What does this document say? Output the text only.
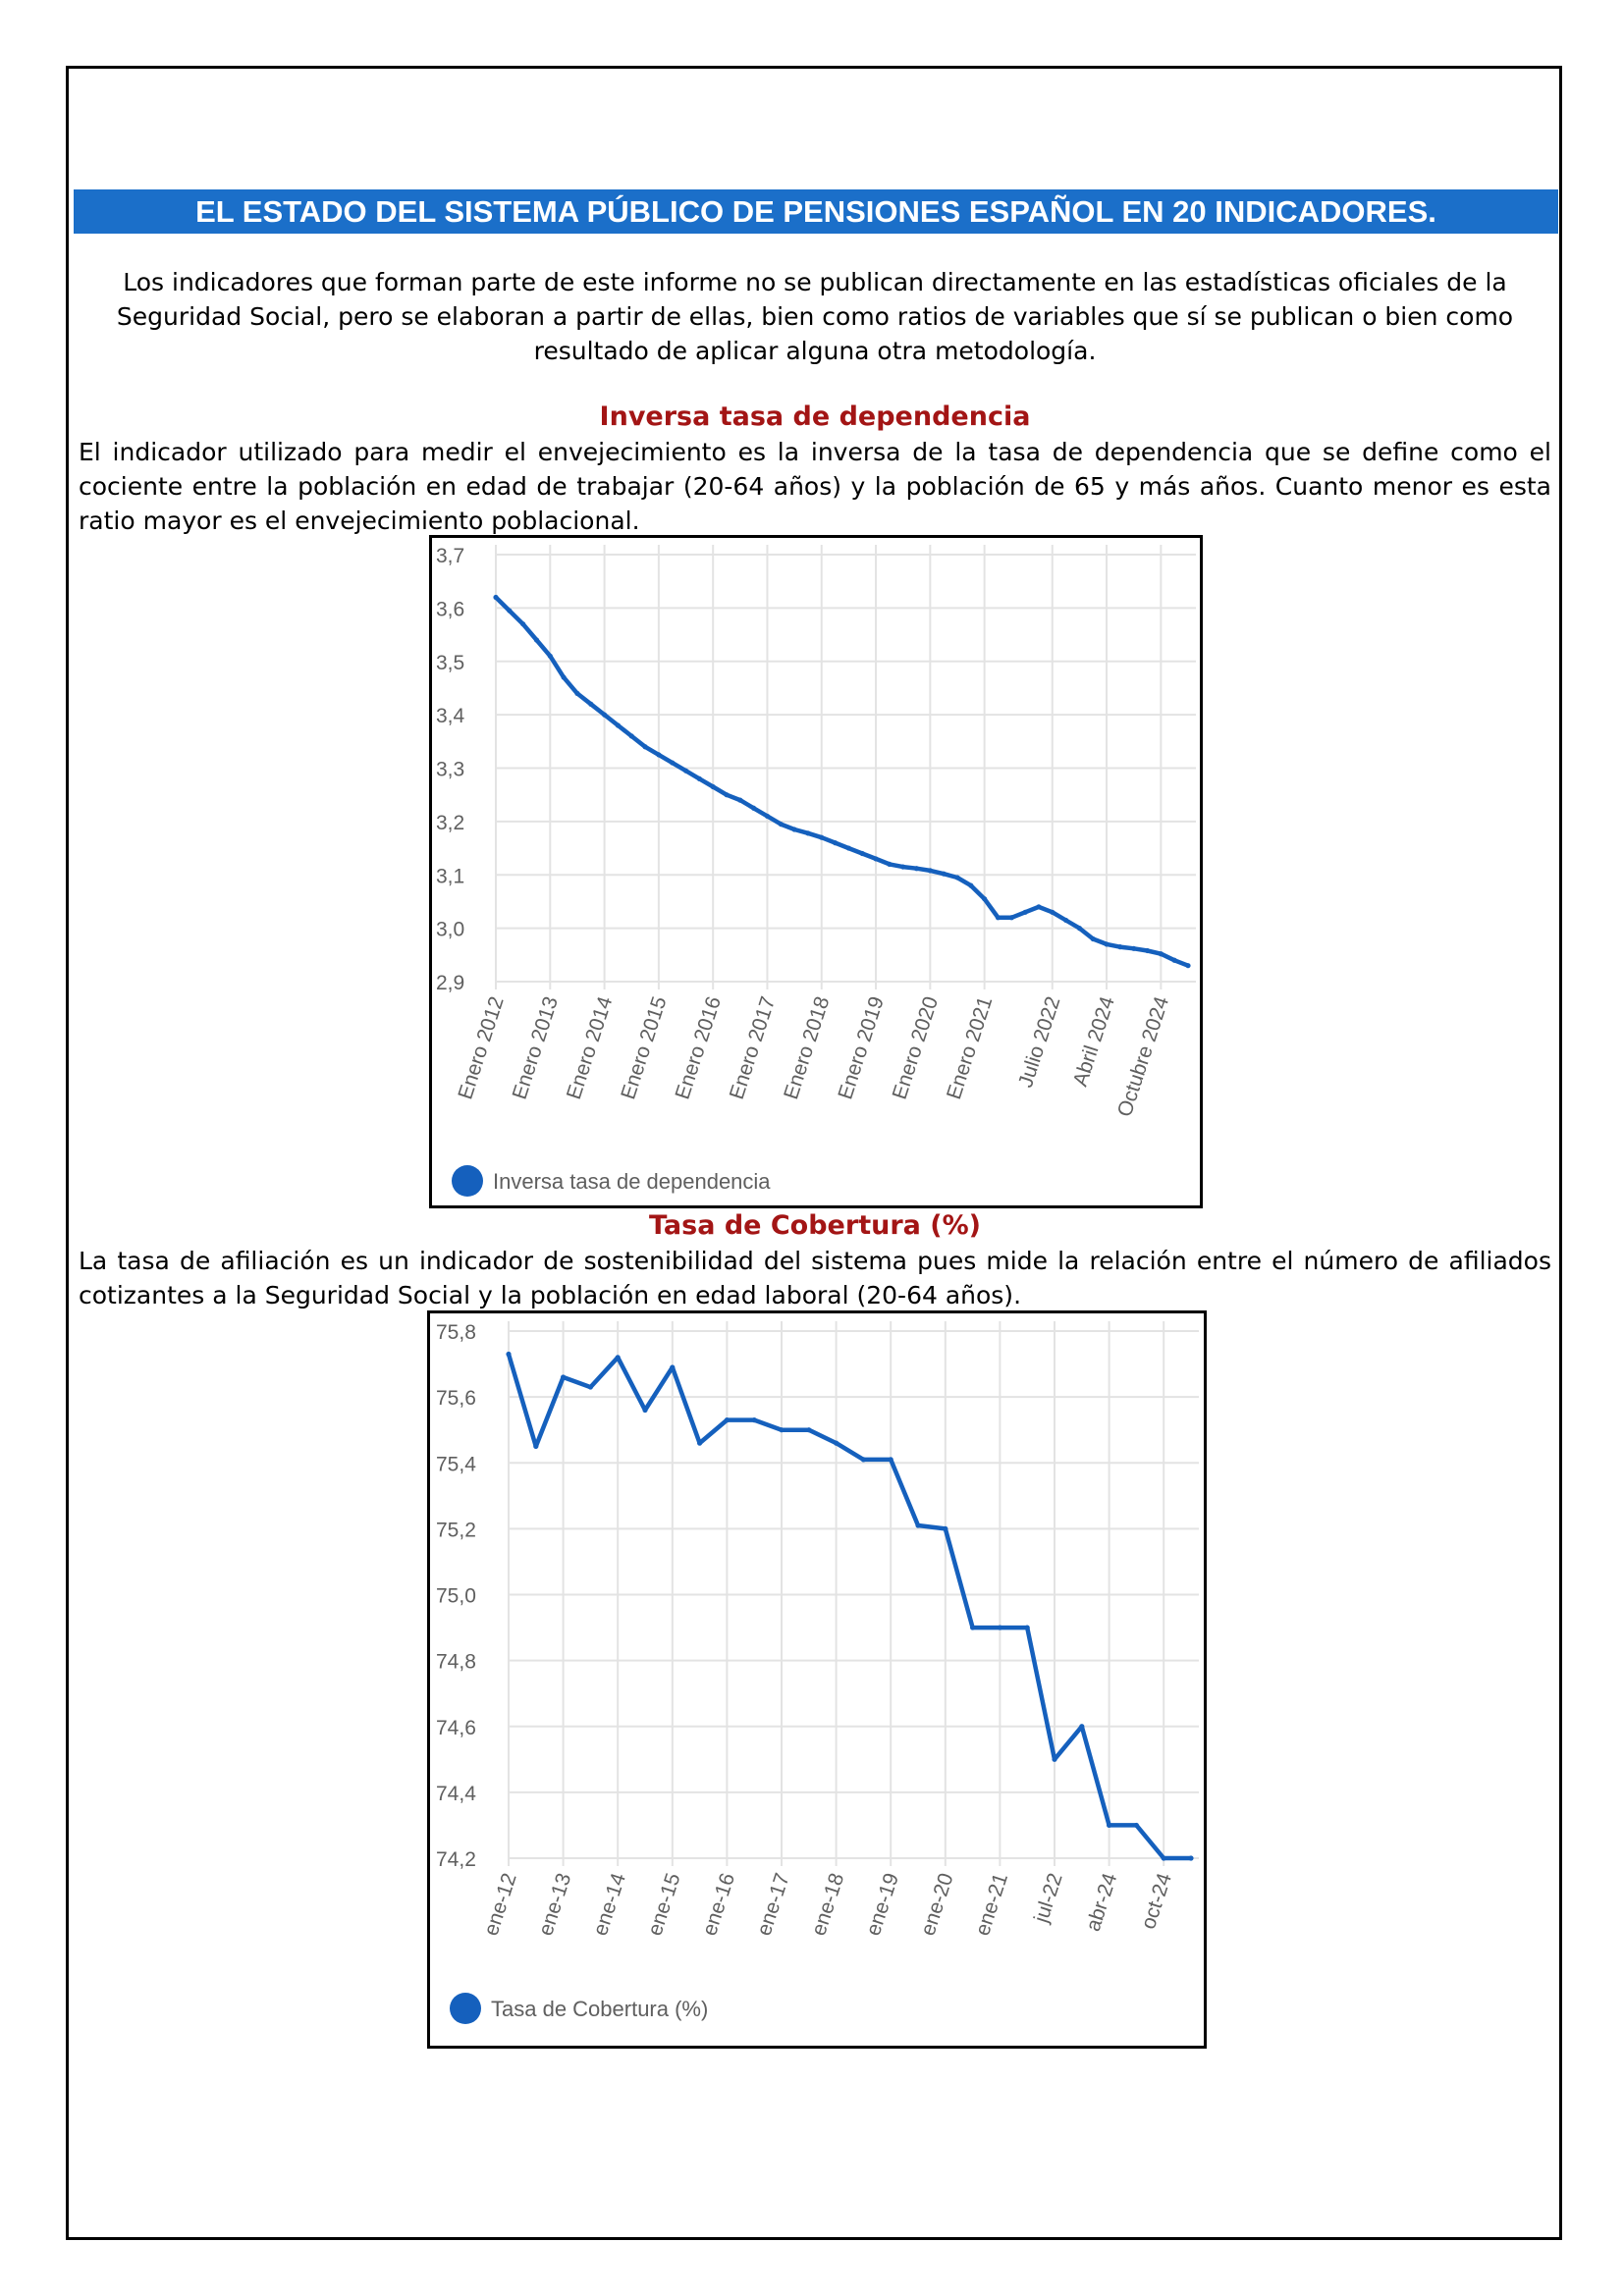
EL ESTADO DEL SISTEMA PÚBLICO DE PENSIONES ESPAÑOL EN 20 INDICADORES.

Los indicadores que forman parte de este informe no se publican directamente en las estadísticas oficiales de la Seguridad Social, pero se elaboran a partir de ellas, bien como ratios de variables que sí se publican o bien como resultado de aplicar alguna otra metodología.

Inversa tasa de dependencia

El indicador utilizado para medir el envejecimiento es la inversa de la tasa de dependencia que se define como el cociente entre la población en edad de trabajar (20-64 años) y la población de 65 y más años. Cuanto menor es esta ratio mayor es el envejecimiento poblacional.

3,7
3,6
3,5
3,4
3,3
3,2
3,1
3,0
2,9
Enero 2012 Enero 2013 Enero 2014 Enero 2015 Enero 2016 Enero 2017 Enero 2018 Enero 2019 Enero 2020 Enero 2021 Julio 2022 Abril 2024
Octubre 2024
Inversa tasa de dependencia

Tasa de Cobertura (%)

La tasa de afiliación es un indicador de sostenibilidad del sistema pues mide la relación entre el número de afiliados cotizantes a la Seguridad Social y la población en edad laboral (20-64 años).

75,8
75,6
75,4
75,2
75,0
74,8
74,6
74,4
74,2
ene-12 ene-13 ene-14 ene-15 ene-16 ene-17 ene-18 ene-19 ene-20 ene-21 jul-22 abr-24 oct-24
Tasa de Cobertura (%)
